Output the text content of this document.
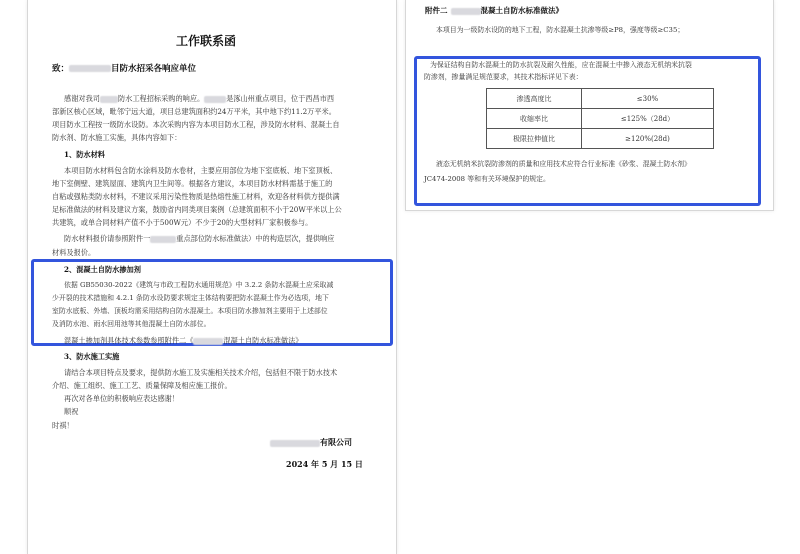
工作联系函
致：	目防水招采各响应单位
感谢对我司	防水工程招标采购的响应。	是涿山州重点项目，位于西昌市西
部新区核心区域，毗邻宁远大道，项目总建筑面积约24万平米，其中地下约11.2万平米。
项目防水工程按一级防水设防。本次采购内容为本项目防水工程，涉及防水材料、混凝土自
防水剂、防水施工实施，具体内容如下：
1、防水材料
本项目防水材料包含防水涂料及防水卷材，主要应用部位为地下室底板、地下室顶板、
地下室侧壁、建筑屋面、建筑内卫生间等。根据各方建议，本项目防水材料需基于施工的
自粘或强粘类防水材料，不建议采用污染性物质是热熔性施工材料，欢迎各材料供方提供满
足标准做法的材料及建议方案，鼓励省内同类项目案例（总建筑面积不小于20W平米以上公
共建筑，或单合同材料产值不小于500W元）不少于20的大型材料厂家积极参与。
防水材料报价请参照附件一	重点部位防水标准做法）中的构造层次，提供响应
材料及报价。
2、混凝土自防水掺加剂
依据 GB55030-2022《建筑与市政工程防水通用规范》中 3.2.2 条防水混凝土应采取减
少开裂的技术措施和 4.2.1 条防水设防要求规定主体结构要把防水混凝土作为必选项，地下
室防水底板、外墙、顶板均需采用结构自防水混凝土。本项目防水掺加剂主要用于上述部位
及消防水池、雨水回用池等其他混凝土自防水部位。
混凝土掺加剂具体技术参数参照附件二《	混凝土自防水标准做法》
3、防水施工实施
请结合本项目特点及要求，提供防水施工及实施相关技术介绍，包括但不限于防水技术
介绍、施工组织、施工工艺、质量保障及相应施工报价。
再次对各单位的积极响应表达感谢！
顺祝
时祺！
有限公司
2024 年 5 月 15 日
附件二	混凝土自防水标准做法》
本项目为一级防水设防的地下工程，防水混凝土抗渗等级≥P8，强度等级≥C35；
为保证结构自防水混凝土的防水抗裂及耐久性能，应在混凝土中掺入液态无机纳米抗裂
防渗剂，掺量满足规范要求，其技术指标详见下表：
渗透高度比	≤30%
收缩率比	≤125%（28d）
极限拉伸值比	≥120%(28d)
液态无机纳米抗裂防渗剂的质量和应用技术应符合行业标准《砂浆、混凝土防水剂》
JC474-2008 等和有关环境保护的规定。
